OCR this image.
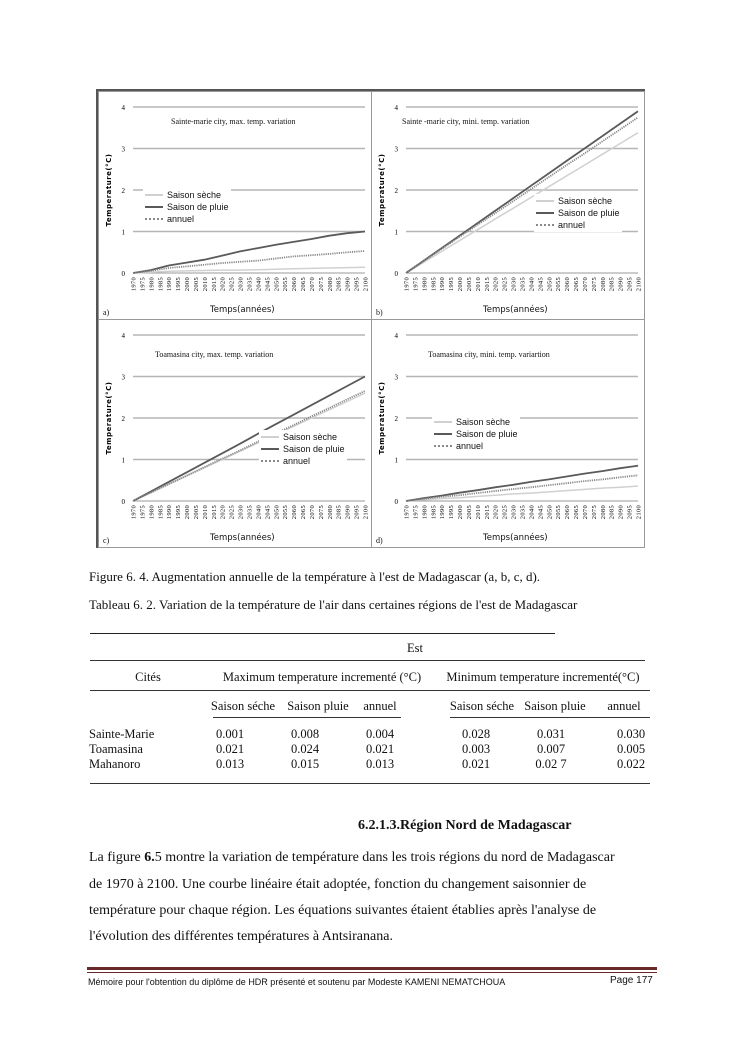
0
1
2
3
4
1970 1975 1980 1985 1990 1995 2000 2005 2010 2015 2020 2025 2030 2035 2040 2045 2050 2055 2060 2065 2070 2075 2080 2085 2090 2095 2100
Temperature(°C)
Sainte-marie city, max. temp. variation
Saison sèche
Saison de pluie
annuel
Temps(années)
a)
0
1
2
3
4
1970 1975 1980 1985 1990 1995 2000 2005 2010 2015 2020 2025 2030 2035 2040 2045 2050 2055 2060 2065 2070 2075 2080 2085 2090 2095 2100
Temperature(°C)
Sainte -marie city, mini. temp. variation
Saison sèche
Saison de pluie
annuel
Temps(années)
b)
0
1
2
3
4
1970 1975 1980 1985 1990 1995 2000 2005 2010 2015 2020 2025 2030 2035 2040 2045 2050 2055 2060 2065 2070 2075 2080 2085 2090 2095 2100
Temperature(°C)
Toamasina city, max. temp. variation
Saison sèche
Saison de pluie
annuel
Temps(années)
c)
0
1
2
3
4
1970 1975 1980 1985 1990 1995 2000 2005 2010 2015 2020 2025 2030 2035 2040 2045 2050 2055 2060 2065 2070 2075 2080 2085 2090 2095 2100
Temperature(°C)
Toamasina city, mini. temp. variartion
Saison sèche
Saison de pluie
annuel
Temps(années)
d)
Figure 6. 4. Augmentation annuelle de la température à l'est de Madagascar (a, b, c, d).
Tableau 6. 2. Variation de la température de l'air dans certaines régions de l'est de Madagascar
Est
Cités	Maximum temperature incrementé (°C) Minimum temperature incrementé(°C)
Saison séche Saison pluie annuel	Saison séche Saison pluie annuel
Sainte-Marie	0.001	0.008	0.004	0.028	0.031	0.030
Toamasina	0.021	0.024	0.021	0.003	0.007	0.005
Mahanoro	0.013	0.015	0.013	0.021	0.02 7	0.022
6.2.1.3.Région Nord de Madagascar
La figure 6.5 montre la variation de température dans les trois régions du nord de Madagascar
de 1970 à 2100. Une courbe linéaire était adoptée, fonction du changement saisonnier de
température pour chaque région. Les équations suivantes étaient établies après l'analyse de
l'évolution des différentes températures à Antsiranana.
Mémoire pour l'obtention du diplôme de HDR présenté et soutenu par Modeste KAMENI NEMATCHOUA	Page 177
